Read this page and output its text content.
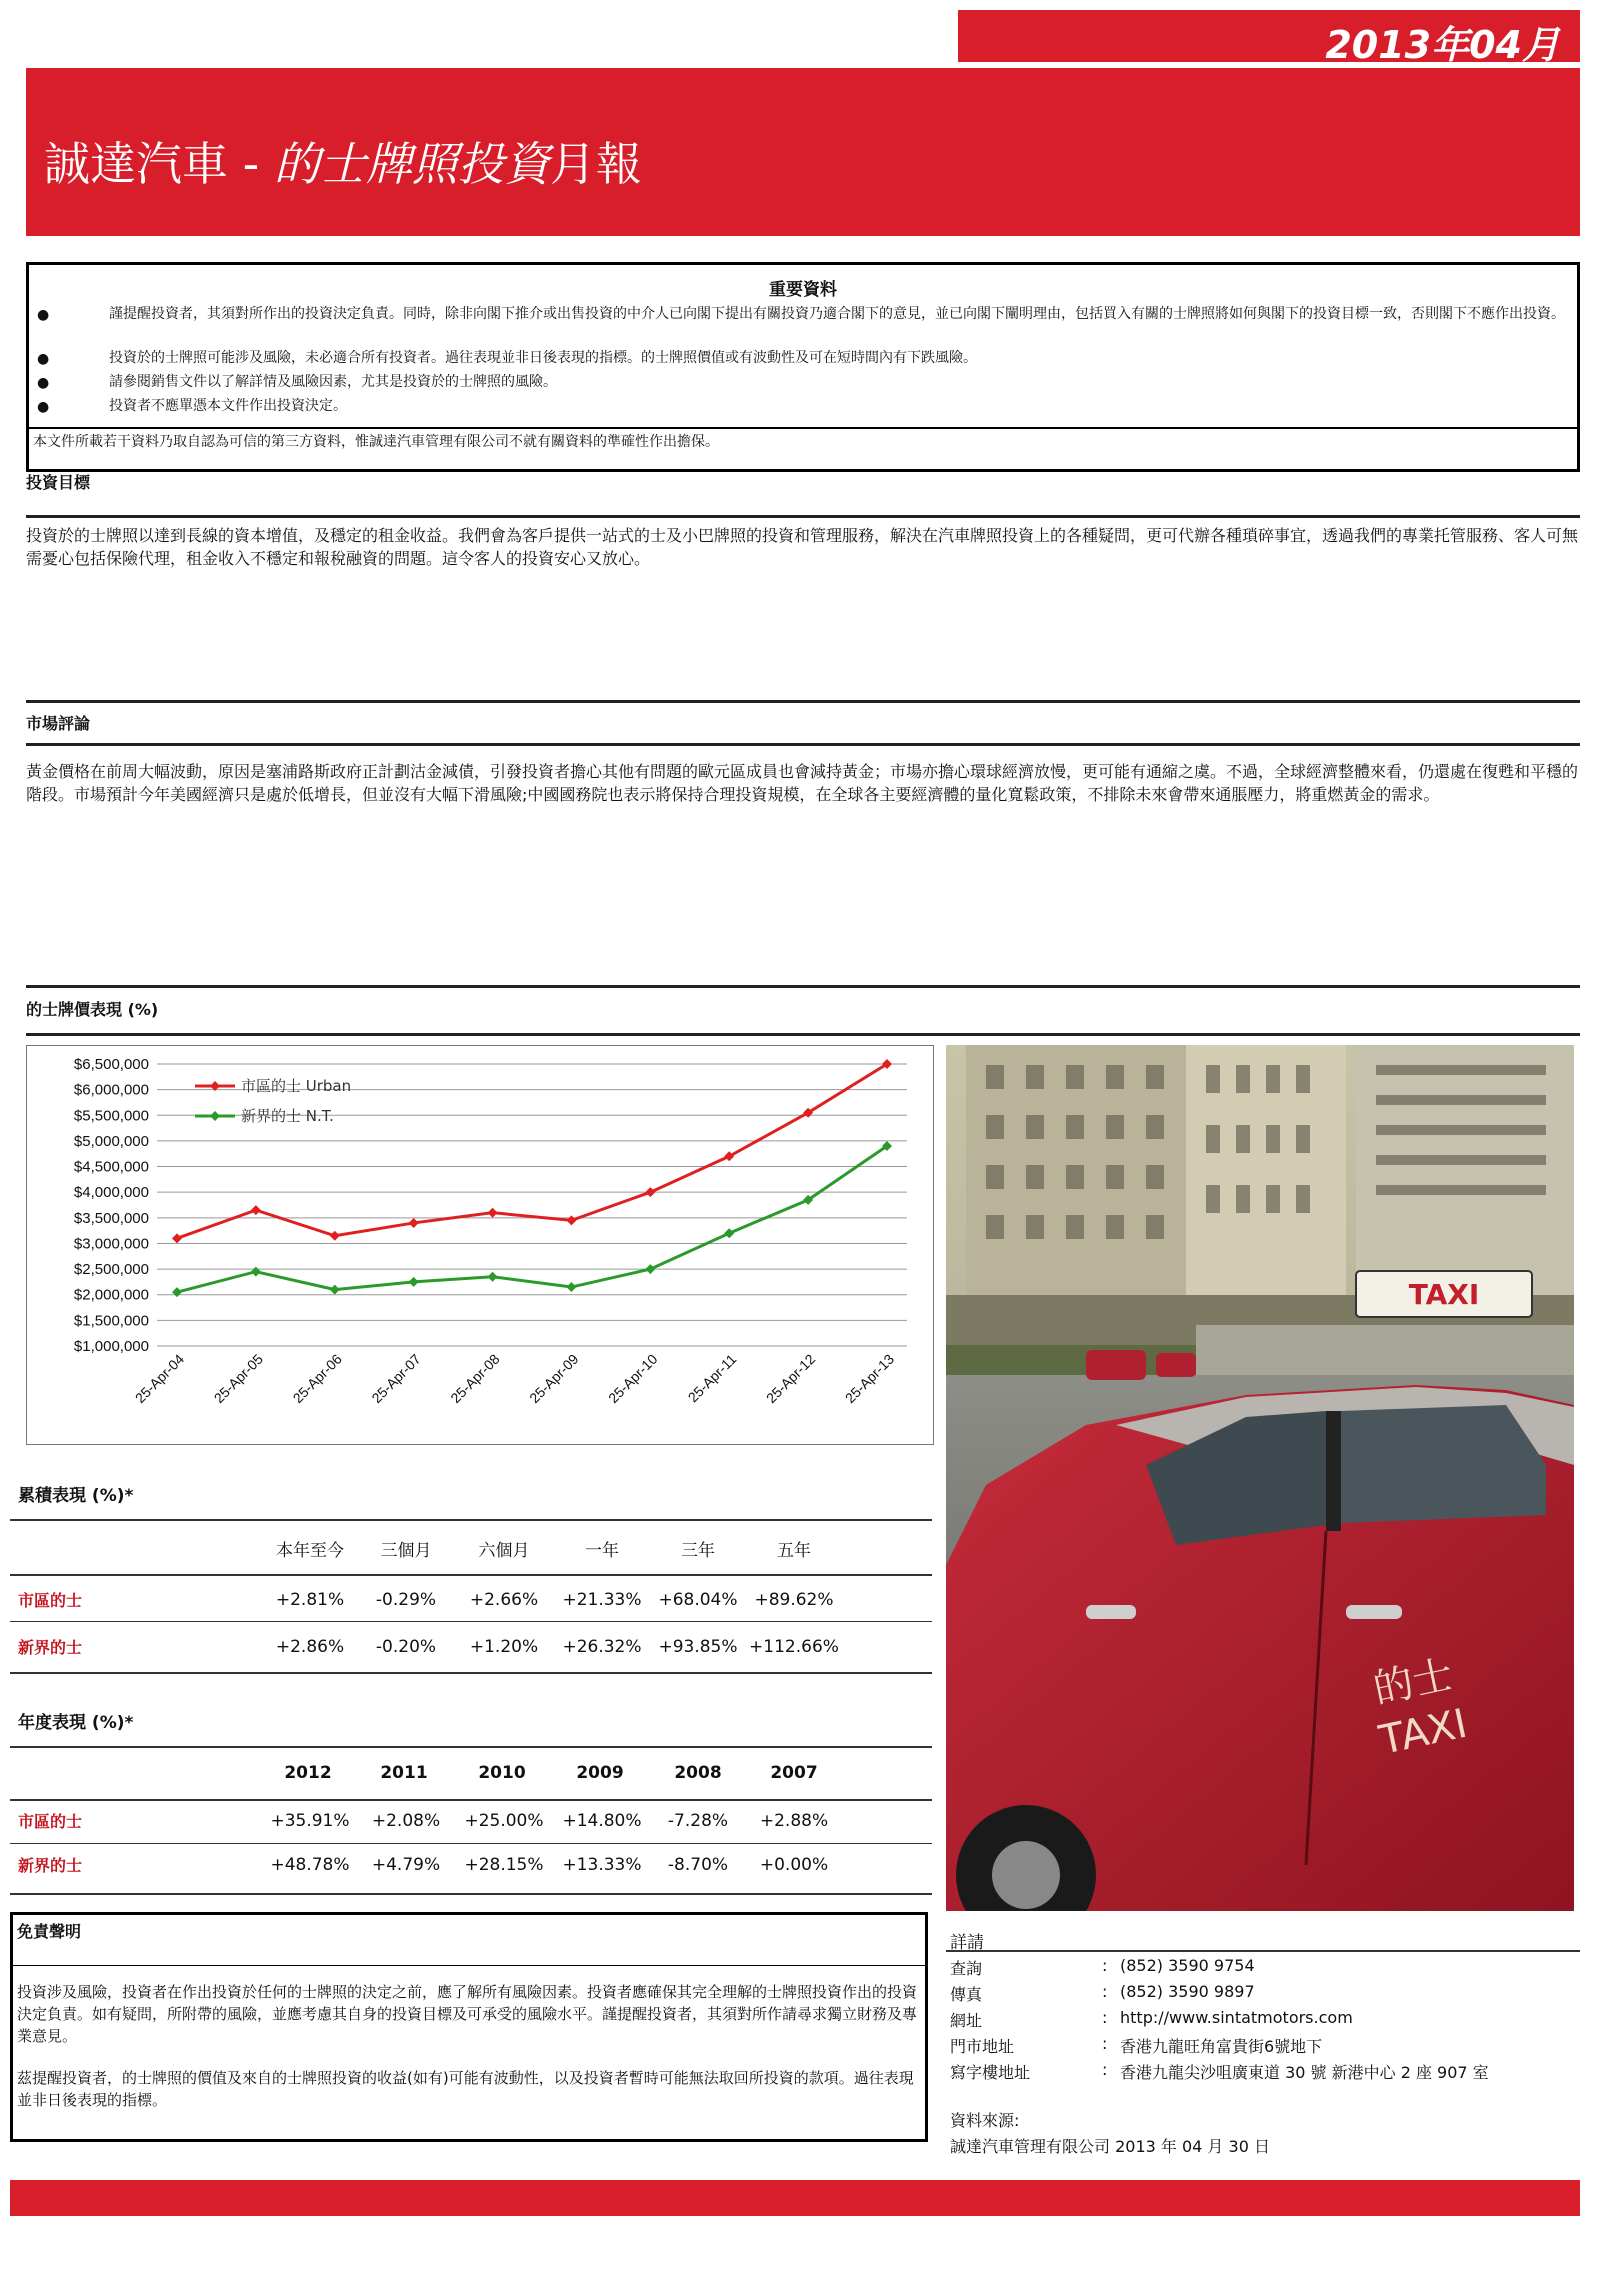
2013年04月
誠達汽車 - 的士牌照投資月報
重要資料
●	謹提醒投資者，其須對所作出的投資決定負責。同時，除非向閣下推介或出售投資的中介人已向閣下提出有關投資乃適合閣下的意見，並已向閣下闡明理由，包括買入有關的士牌照將如何與閣下的投資目標一致，否則閣下不應作出投資。
●	投資於的士牌照可能涉及風險，未必適合所有投資者。過往表現並非日後表現的指標。的士牌照價值或有波動性及可在短時間內有下跌風險。
●	請參閱銷售文件以了解詳情及風險因素，尤其是投資於的士牌照的風險。
●	投資者不應單憑本文件作出投資決定。
本文件所載若干資料乃取自認為可信的第三方資料，惟誠達汽車管理有限公司不就有關資料的準確性作出擔保。
投資目標
投資於的士牌照以達到長線的資本增值，及穩定的租金收益。我們會為客戶提供一站式的士及小巴牌照的投資和管理服務，解決在汽車牌照投資上的各種疑問，更可代辦各種瑣碎事宜，透過我們的專業托管服務、客人可無需憂心包括保險代理，租金收入不穩定和報稅融資的問題。這令客人的投資安心又放心。
市場評論
黃金價格在前周大幅波動，原因是塞浦路斯政府正計劃沽金減債，引發投資者擔心其他有問題的歐元區成員也會減持黃金；市場亦擔心環球經濟放慢，更可能有通縮之虞。不過，全球經濟整體來看，仍還處在復甦和平穩的階段。市場預計今年美國經濟只是處於低增長，但並沒有大幅下滑風險;中國國務院也表示將保持合理投資規模，在全球各主要經濟體的量化寬鬆政策，不排除未來會帶來通脹壓力，將重燃黃金的需求。
的士牌價表現 (%)
$6,500,000
$6,000,000
$5,500,000
$5,000,000
$4,500,000
$4,000,000
$3,500,000
$3,000,000
$2,500,000
$2,000,000
$1,500,000
$1,000,000
25-Apr-04 25-Apr-05 25-Apr-06 25-Apr-07 25-Apr-08 25-Apr-09 25-Apr-10 25-Apr-11 25-Apr-12 25-Apr-13
市區的士 Urban
新界的士 N.T.
TAXI
的士
TAXI
累積表現 (%)*
本年至今	三個月	六個月	一年	三年	五年
市區的士	+2.81%	-0.29%	+2.66%	+21.33% +68.04% +89.62%
新界的士	+2.86%	-0.20%	+1.20%	+26.32% +93.85% +112.66%
年度表現 (%)*
2012	2011	2010	2009	2008	2007
市區的士	+35.91%	+2.08%	+25.00%	+14.80%	-7.28%	+2.88%
新界的士	+48.78%	+4.79%	+28.15%	+13.33%	-8.70%	+0.00%
免責聲明
投資涉及風險，投資者在作出投資於任何的士牌照的決定之前，應了解所有風險因素。投資者應確保其完全理解的士牌照投資作出的投資決定負責。如有疑問，所附帶的風險，並應考慮其自身的投資目標及可承受的風險水平。謹提醒投資者，其須對所作請尋求獨立財務及專業意見。
茲提醒投資者，的士牌照的價值及來自的士牌照投資的收益(如有)可能有波動性，以及投資者暫時可能無法取回所投資的款項。過往表現並非日後表現的指標。
詳請
查詢	: (852) 3590 9754
傳真	: (852) 3590 9897
網址	: http://www.sintatmotors.com
門市地址	: 香港九龍旺角富貴街6號地下
寫字樓地址	: 香港九龍尖沙咀廣東道 30 號 新港中心 2 座 907 室
資料來源:
誠達汽車管理有限公司 2013 年 04 月 30 日
